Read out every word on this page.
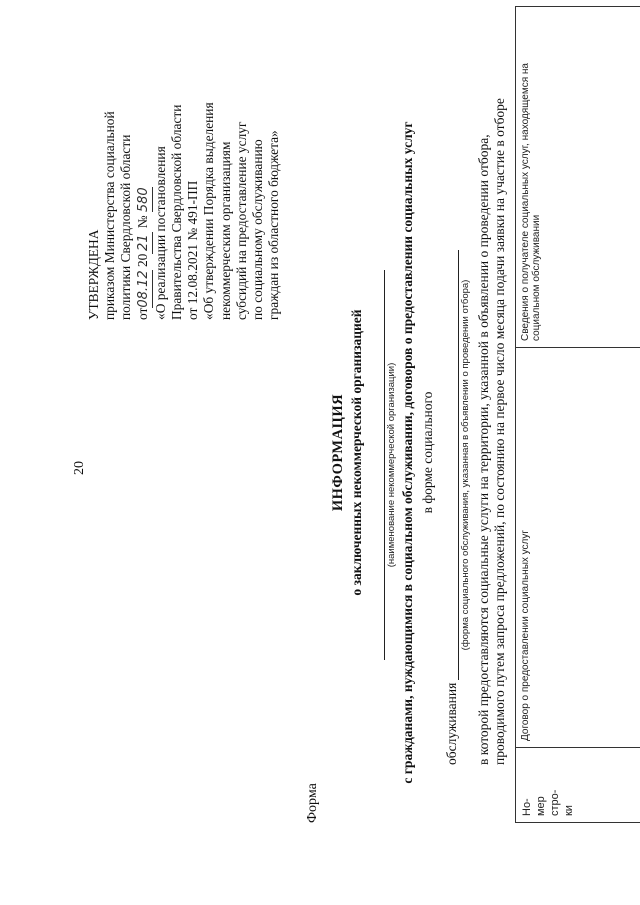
20
Форма
УТВЕРЖДЕНА приказом Министерства социальной политики Свердловской области от08.12 2021 № 580 «О реализации постановления Правительства Свердловской области от 12.08.2021 № 491-ПП «Об утверждении Порядка выделения некоммерческим организациям субсидий на предоставление услуг по социальному обслуживанию граждан из областного бюджета»
ИНФОРМАЦИЯ о заключенных некоммерческой организацией (наименование некоммерческой организации) с гражданами, нуждающимися в социальном обслуживании, договоров о предоставлении социальных услуг в форме социального
обслуживания
(форма социального обслуживания, указанная в объявлении о проведении отбора) в которой предоставляются социальные услуги на территории, указанной в объявлении о проведении отбора, проводимого путем запроса предложений, по состоянию на первое число месяца подачи заявки на участие в отборе
Но-
мер
стро-
ки	Договор о предоставлении социальных услуг	Сведения о получателе социальных услуг, находящемся на социальном обслуживании
